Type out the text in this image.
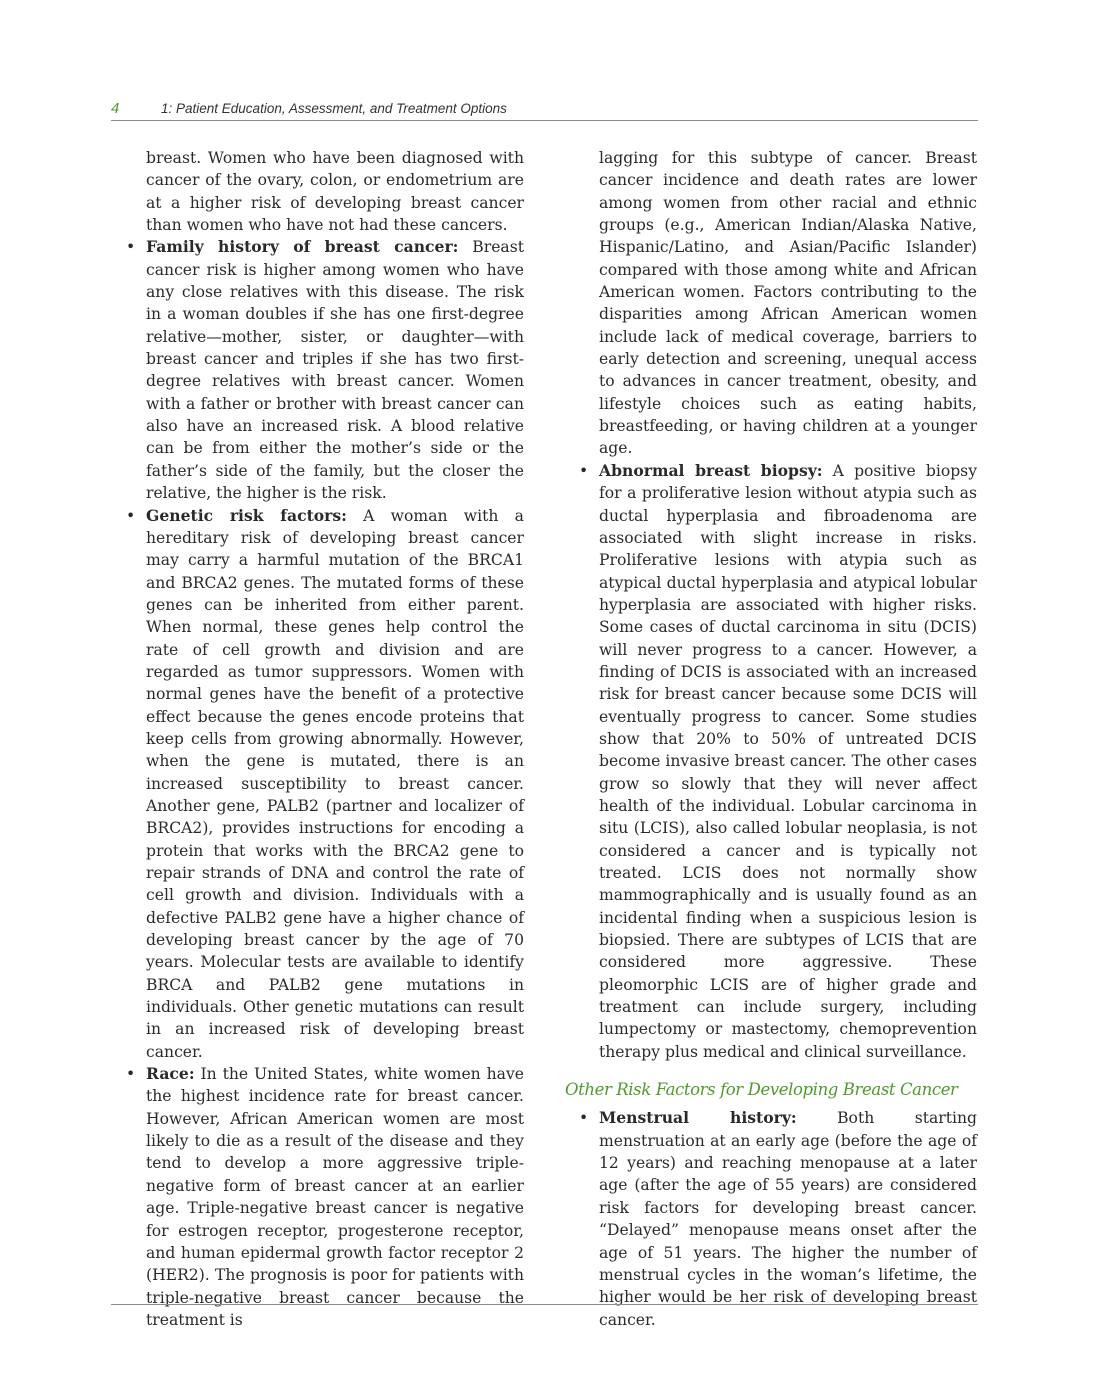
4	1: Patient Education, Assessment, and Treatment Options

breast. Women who have been diagnosed with cancer of the ovary, colon, or endometrium are at a higher risk of developing breast cancer than women who have not had these cancers.

• Family history of breast cancer: Breast cancer risk is higher among women who have any close relatives with this disease. The risk in a woman doubles if she has one first-degree relative—mother, sister, or daughter—with breast cancer and triples if she has two first-degree relatives with breast cancer. Women with a father or brother with breast cancer can also have an increased risk. A blood relative can be from either the mother’s side or the father’s side of the family, but the closer the relative, the higher is the risk.

• Genetic risk factors: A woman with a hereditary risk of developing breast cancer may carry a harmful mutation of the BRCA1 and BRCA2 genes. The mutated forms of these genes can be inherited from either parent. When normal, these genes help control the rate of cell growth and division and are regarded as tumor suppressors. Women with normal genes have the benefit of a protective effect because the genes encode proteins that keep cells from growing abnormally. However, when the gene is mutated, there is an increased susceptibility to breast cancer. Another gene, PALB2 (partner and localizer of BRCA2), provides instructions for encoding a protein that works with the BRCA2 gene to repair strands of DNA and control the rate of cell growth and division. Individuals with a defective PALB2 gene have a higher chance of developing breast cancer by the age of 70 years. Molecular tests are available to identify BRCA and PALB2 gene mutations in individuals. Other genetic mutations can result in an increased risk of developing breast cancer.

• Race: In the United States, white women have the highest incidence rate for breast cancer. However, African American women are most likely to die as a result of the disease and they tend to develop a more aggressive triple-negative form of breast cancer at an earlier age. Triple-negative breast cancer is negative for estrogen receptor, progesterone receptor, and human epidermal growth factor receptor 2 (HER2). The prognosis is poor for patients with triple-negative breast cancer because the treatment is

lagging for this subtype of cancer. Breast cancer incidence and death rates are lower among women from other racial and ethnic groups (e.g., American Indian/Alaska Native, Hispanic/Latino, and Asian/Pacific Islander) compared with those among white and African American women. Factors contributing to the disparities among African American women include lack of medical coverage, barriers to early detection and screening, unequal access to advances in cancer treatment, obesity, and lifestyle choices such as eating habits, breastfeeding, or having children at a younger age.

• Abnormal breast biopsy: A positive biopsy for a proliferative lesion without atypia such as ductal hyperplasia and fibroadenoma are associated with slight increase in risks. Proliferative lesions with atypia such as atypical ductal hyperplasia and atypical lobular hyperplasia are associated with higher risks. Some cases of ductal carcinoma in situ (DCIS) will never progress to a cancer. However, a finding of DCIS is associated with an increased risk for breast cancer because some DCIS will eventually progress to cancer. Some studies show that 20% to 50% of untreated DCIS become invasive breast cancer. The other cases grow so slowly that they will never affect health of the individual. Lobular carcinoma in situ (LCIS), also called lobular neoplasia, is not considered a cancer and is typically not treated. LCIS does not normally show mammographically and is usually found as an incidental finding when a suspicious lesion is biopsied. There are subtypes of LCIS that are considered more aggressive. These pleomorphic LCIS are of higher grade and treatment can include surgery, including lumpectomy or mastectomy, chemoprevention therapy plus medical and clinical surveillance.

Other Risk Factors for Developing Breast Cancer

• Menstrual history: Both starting menstruation at an early age (before the age of 12 years) and reaching menopause at a later age (after the age of 55 years) are considered risk factors for developing breast cancer. “Delayed” menopause means onset after the age of 51 years. The higher the number of menstrual cycles in the woman’s lifetime, the higher would be her risk of developing breast cancer.
